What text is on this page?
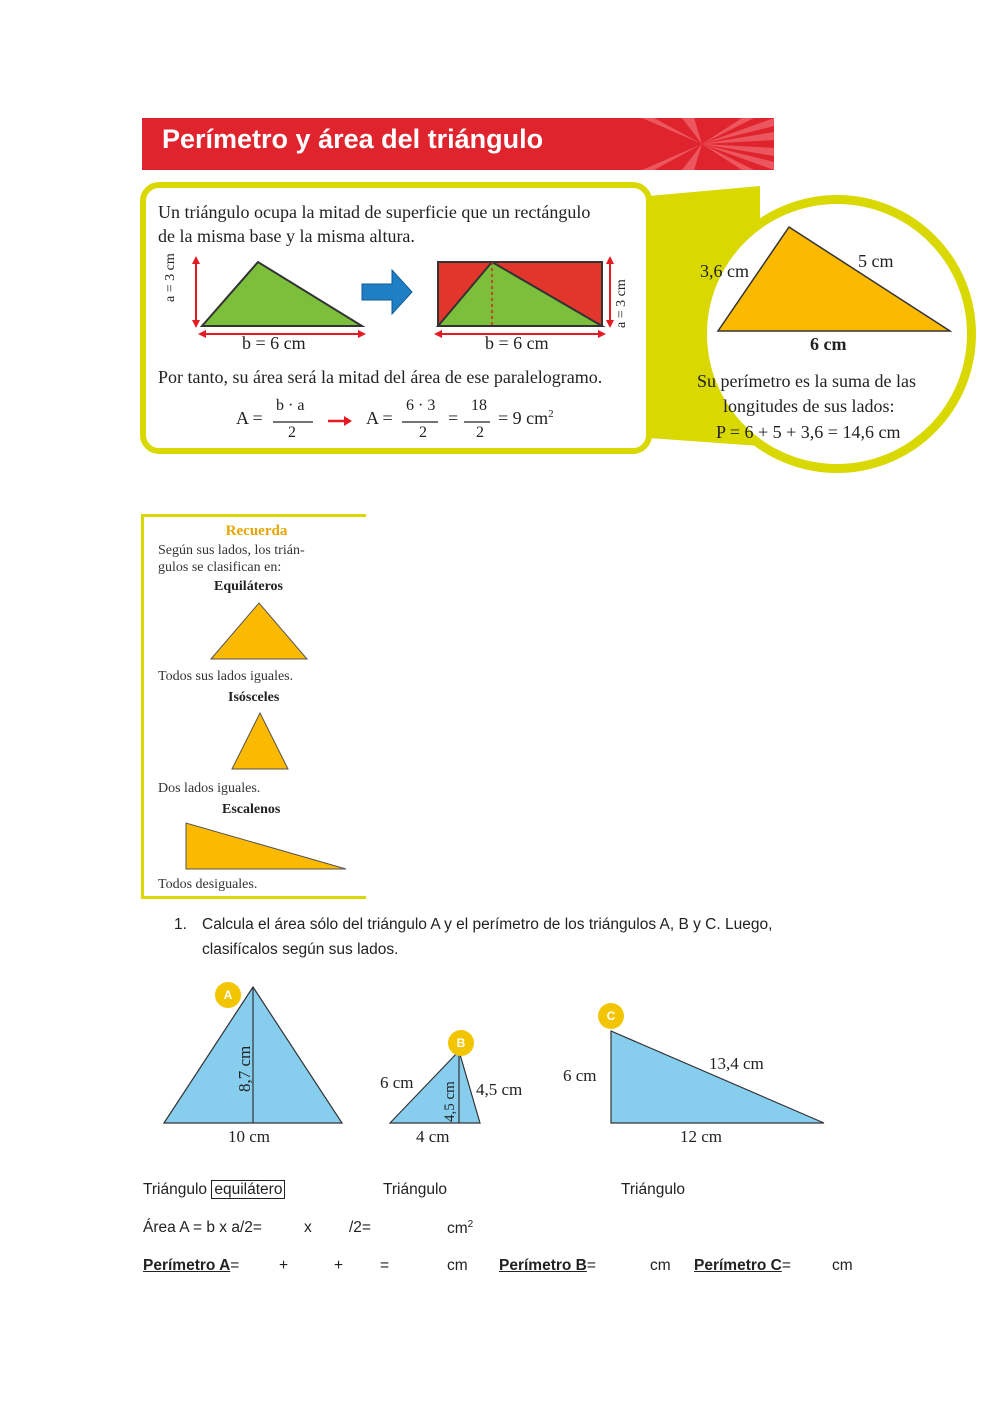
Perímetro y área del triángulo
Un triángulo ocupa la mitad de superficie que un rectángulo
de la misma base y la misma altura.
a = 3 cm
a = 3 cm
b = 6 cm	b = 6 cm
Por tanto, su área será la mitad del área de ese paralelogramo.
A =
b · a
2
A =
6 · 3
2
=
18
2
= 9 $cm^2$
3,6 cm	5 cm
6 cm
Su perímetro es la suma de las
longitudes de sus lados:
P = 6 + 5 + 3,6 = 14,6 cm
Recuerda
Según sus lados, los trián-
gulos se clasifican en:
Equiláteros
Todos sus lados iguales.
Isósceles
Dos lados iguales.
Escalenos
Todos desiguales.
1. Calcula el área sólo del triángulo A y el perímetro de los triángulos A, B y C. Luego,
clasifícalos según sus lados.
A
B
C
8,7 cm
10 cm
6 cm 4,5 cm 4,5 cm
4 cm
6 cm
13,4 cm
12 cm
Triángulo equilátero	Triángulo	Triángulo
Área A = b x a/2=	x /2=	$cm^2$
Perímetro A=	+	+ =	cm Perímetro B=	cm Perímetro C=	cm
